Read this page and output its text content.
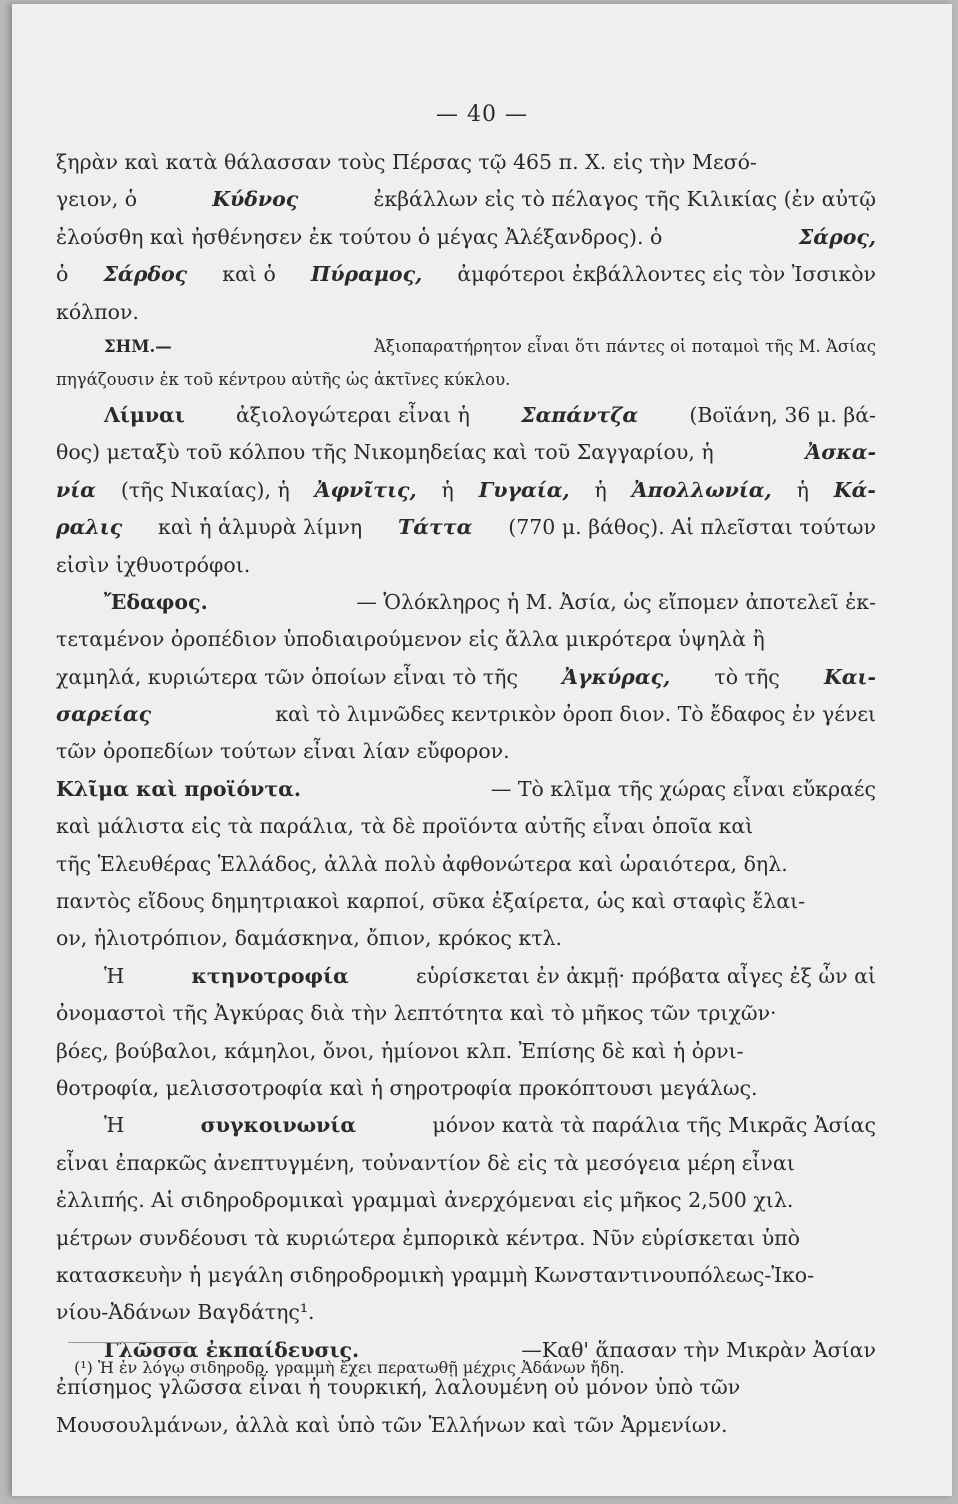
— 40 —
ξηρὰν καὶ κατὰ θάλασσαν τοὺς Πέρσας τῷ 465 π. Χ. εἰς τὴν Μεσό-
γειον, ὁ	Κύδνος	ἐκβάλλων εἰς τὸ πέλαγος τῆς Κιλικίας (ἐν αὐτῷ
ἐλούσθη καὶ ἠσθένησεν ἐκ τούτου ὁ μέγας Ἀλέξανδρος). ὁ	Σάρος,
ὁ Σάρδος καὶ ὁ Πύραμος, ἀμφότεροι ἐκβάλλοντες εἰς τὸν Ἰσσικὸν
κόλπον.
ΣΗΜ.—	Ἀξιοπαρατήρητον εἶναι ὅτι πάντες οἱ ποταμοὶ τῆς Μ. Ἀσίας
πηγάζουσιν ἐκ τοῦ κέντρου αὐτῆς ὡς ἀκτῖνες κύκλου.
Λίμναι ἀξιολογώτεραι εἶναι ἡ Σαπάντζα (Βοϊάνη, 36 μ. βά-
θος) μεταξὺ τοῦ κόλπου τῆς Νικομηδείας καὶ τοῦ Σαγγαρίου, ἡ	Ἀσκα-
νία (τῆς Νικαίας), ἡ Ἀφνῖτις, ἡ Γυγαία, ἡ Ἀπολλωνία, ἡ Κά-
ραλις καὶ ἡ ἁλμυρὰ λίμνη Τάττα (770 μ. βάθος). Αἱ πλεῖσται τούτων
εἰσὶν ἰχθυοτρόφοι.
Ἔδαφος.	— Ὁλόκληρος ἡ Μ. Ἀσία, ὡς εἴπομεν ἀποτελεῖ ἐκ-
τεταμένον ὀροπέδιον ὑποδιαιρούμενον εἰς ἄλλα μικρότερα ὑψηλὰ ἢ
χαμηλά, κυριώτερα τῶν ὁποίων εἶναι τὸ τῆς Ἀγκύρας, τὸ τῆς Και-
σαρείας	καὶ τὸ λιμνῶδες κεντρικὸν ὀροπ διον. Τὸ ἔδαφος ἐν γένει
τῶν ὀροπεδίων τούτων εἶναι λίαν εὔφορον.
Κλῖμα καὶ προϊόντα.	— Τὸ κλῖμα τῆς χώρας εἶναι εὔκραές
καὶ μάλιστα εἰς τὰ παράλια, τὰ δὲ προϊόντα αὐτῆς εἶναι ὁποῖα καὶ
τῆς Ἑλευθέρας Ἑλλάδος, ἀλλὰ πολὺ ἀφθονώτερα καὶ ὡραιότερα, δηλ.
παντὸς εἴδους δημητριακοὶ καρποί, σῦκα ἐξαίρετα, ὡς καὶ σταφὶς ἔλαι-
ον, ἡλιοτρόπιον, δαμάσκηνα, ὄπιον, κρόκος κτλ.
Ἡ	κτηνοτροφία	εὑρίσκεται ἐν ἀκμῇ· πρόβατα αἶγες ἐξ ὧν αἱ
ὀνομαστοὶ τῆς Ἀγκύρας διὰ τὴν λεπτότητα καὶ τὸ μῆκος τῶν τριχῶν·
βόες, βούβαλοι, κάμηλοι, ὄνοι, ἡμίονοι κλπ. Ἐπίσης δὲ καὶ ἡ ὀρνι-
θοτροφία, μελισσοτροφία καὶ ἡ σηροτροφία προκόπτουσι μεγάλως.
Ἡ	συγκοινωνία	μόνον κατὰ τὰ παράλια τῆς Μικρᾶς Ἀσίας
εἶναι ἐπαρκῶς ἀνεπτυγμένη, τοὐναντίον δὲ εἰς τὰ μεσόγεια μέρη εἶναι
ἐλλιπής. Αἱ σιδηροδρομικαὶ γραμμαὶ ἀνερχόμεναι εἰς μῆκος 2,500 χιλ.
μέτρων συνδέουσι τὰ κυριώτερα ἐμπορικὰ κέντρα. Νῦν εὑρίσκεται ὑπὸ
κατασκευὴν ἡ μεγάλη σιδηροδρομικὴ γραμμὴ Κωνσταντινουπόλεως-Ἰκο-
νίου-Ἀδάνων Βαγδάτης¹.
Γλῶσσα ἐκπαίδευσις.	—Καθ' ἅπασαν τὴν Μικρὰν Ἀσίαν
ἐπίσημος γλῶσσα εἶναι ἡ τουρκική, λαλουμένη οὐ μόνον ὑπὸ τῶν
Μουσουλμάνων, ἀλλὰ καὶ ὑπὸ τῶν Ἑλλήνων καὶ τῶν Ἀρμενίων.
(¹) Ἡ ἐν λόγῳ σιδηροδρ. γραμμὴ ἔχει περατωθῇ μέχρις Ἀδάνων ἤδη.
